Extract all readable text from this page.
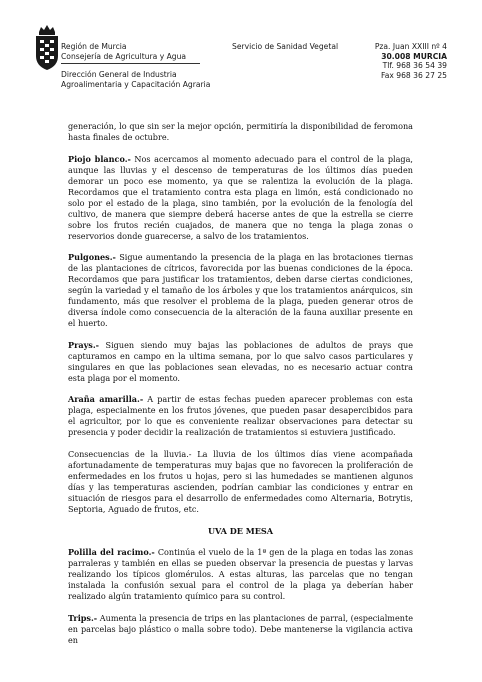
Región de Murcia
Consejería de Agricultura y Agua
Dirección General de Industria
Agroalimentaria y Capacitación Agraria
Servicio de Sanidad Vegetal	Pza. Juan XXIII nº 4
30.008 MURCIA
Tlf. 968 36 54 39
Fax 968 36 27 25

generación, lo que sin ser la mejor opción, permitiría la disponibilidad de feromona hasta finales de octubre.

Piojo blanco.- Nos acercamos al momento adecuado para el control de la plaga, aunque las lluvias y el descenso de temperaturas de los últimos días pueden demorar un poco ese momento, ya que se ralentiza la evolución de la plaga. Recordamos que el tratamiento contra esta plaga en limón, está condicionado no solo por el estado de la plaga, sino también, por la evolución de la fenología del cultivo, de manera que siempre deberá hacerse antes de que la estrella se cierre sobre los frutos recién cuajados, de manera que no tenga la plaga zonas o reservorios donde guarecerse, a salvo de los tratamientos.

Pulgones.- Sigue aumentando la presencia de la plaga en las brotaciones tiernas de las plantaciones de cítricos, favorecida por las buenas condiciones de la época. Recordamos que para justificar los tratamientos, deben darse ciertas condiciones, según la variedad y el tamaño de los árboles y que los tratamientos anárquicos, sin fundamento, más que resolver el problema de la plaga, pueden generar otros de diversa índole como consecuencia de la alteración de la fauna auxiliar presente en el huerto.

Prays.- Siguen siendo muy bajas las poblaciones de adultos de prays que capturamos en campo en la ultima semana, por lo que salvo casos particulares y singulares en que las poblaciones sean elevadas, no es necesario actuar contra esta plaga por el momento.

Araña amarilla.- A partir de estas fechas pueden aparecer problemas con esta plaga, especialmente en los frutos jóvenes, que pueden pasar desapercibidos para el agricultor, por lo que es conveniente realizar observaciones para detectar su presencia y poder decidir la realización de tratamientos si estuviera justificado.

Consecuencias de la lluvia.- La lluvia de los últimos días viene acompañada afortunadamente de temperaturas muy bajas que no favorecen la proliferación de enfermedades en los frutos u hojas, pero si las humedades se mantienen algunos días y las temperaturas ascienden, podrían cambiar las condiciones y entrar en situación de riesgos para el desarrollo de enfermedades como Alternaria, Botrytis, Septoria, Aguado de frutos, etc.

UVA DE MESA

Polilla del racimo.- Continúa el vuelo de la 1ª gen de la plaga en todas las zonas parraleras y también en ellas se pueden observar la presencia de puestas y larvas realizando los típicos glomérulos. A estas alturas, las parcelas que no tengan instalada la confusión sexual para el control de la plaga ya deberían haber realizado algún tratamiento químico para su control.

Trips.- Aumenta la presencia de trips en las plantaciones de parral, (especialmente en parcelas bajo plástico o malla sobre todo). Debe mantenerse la vigilancia activa en
